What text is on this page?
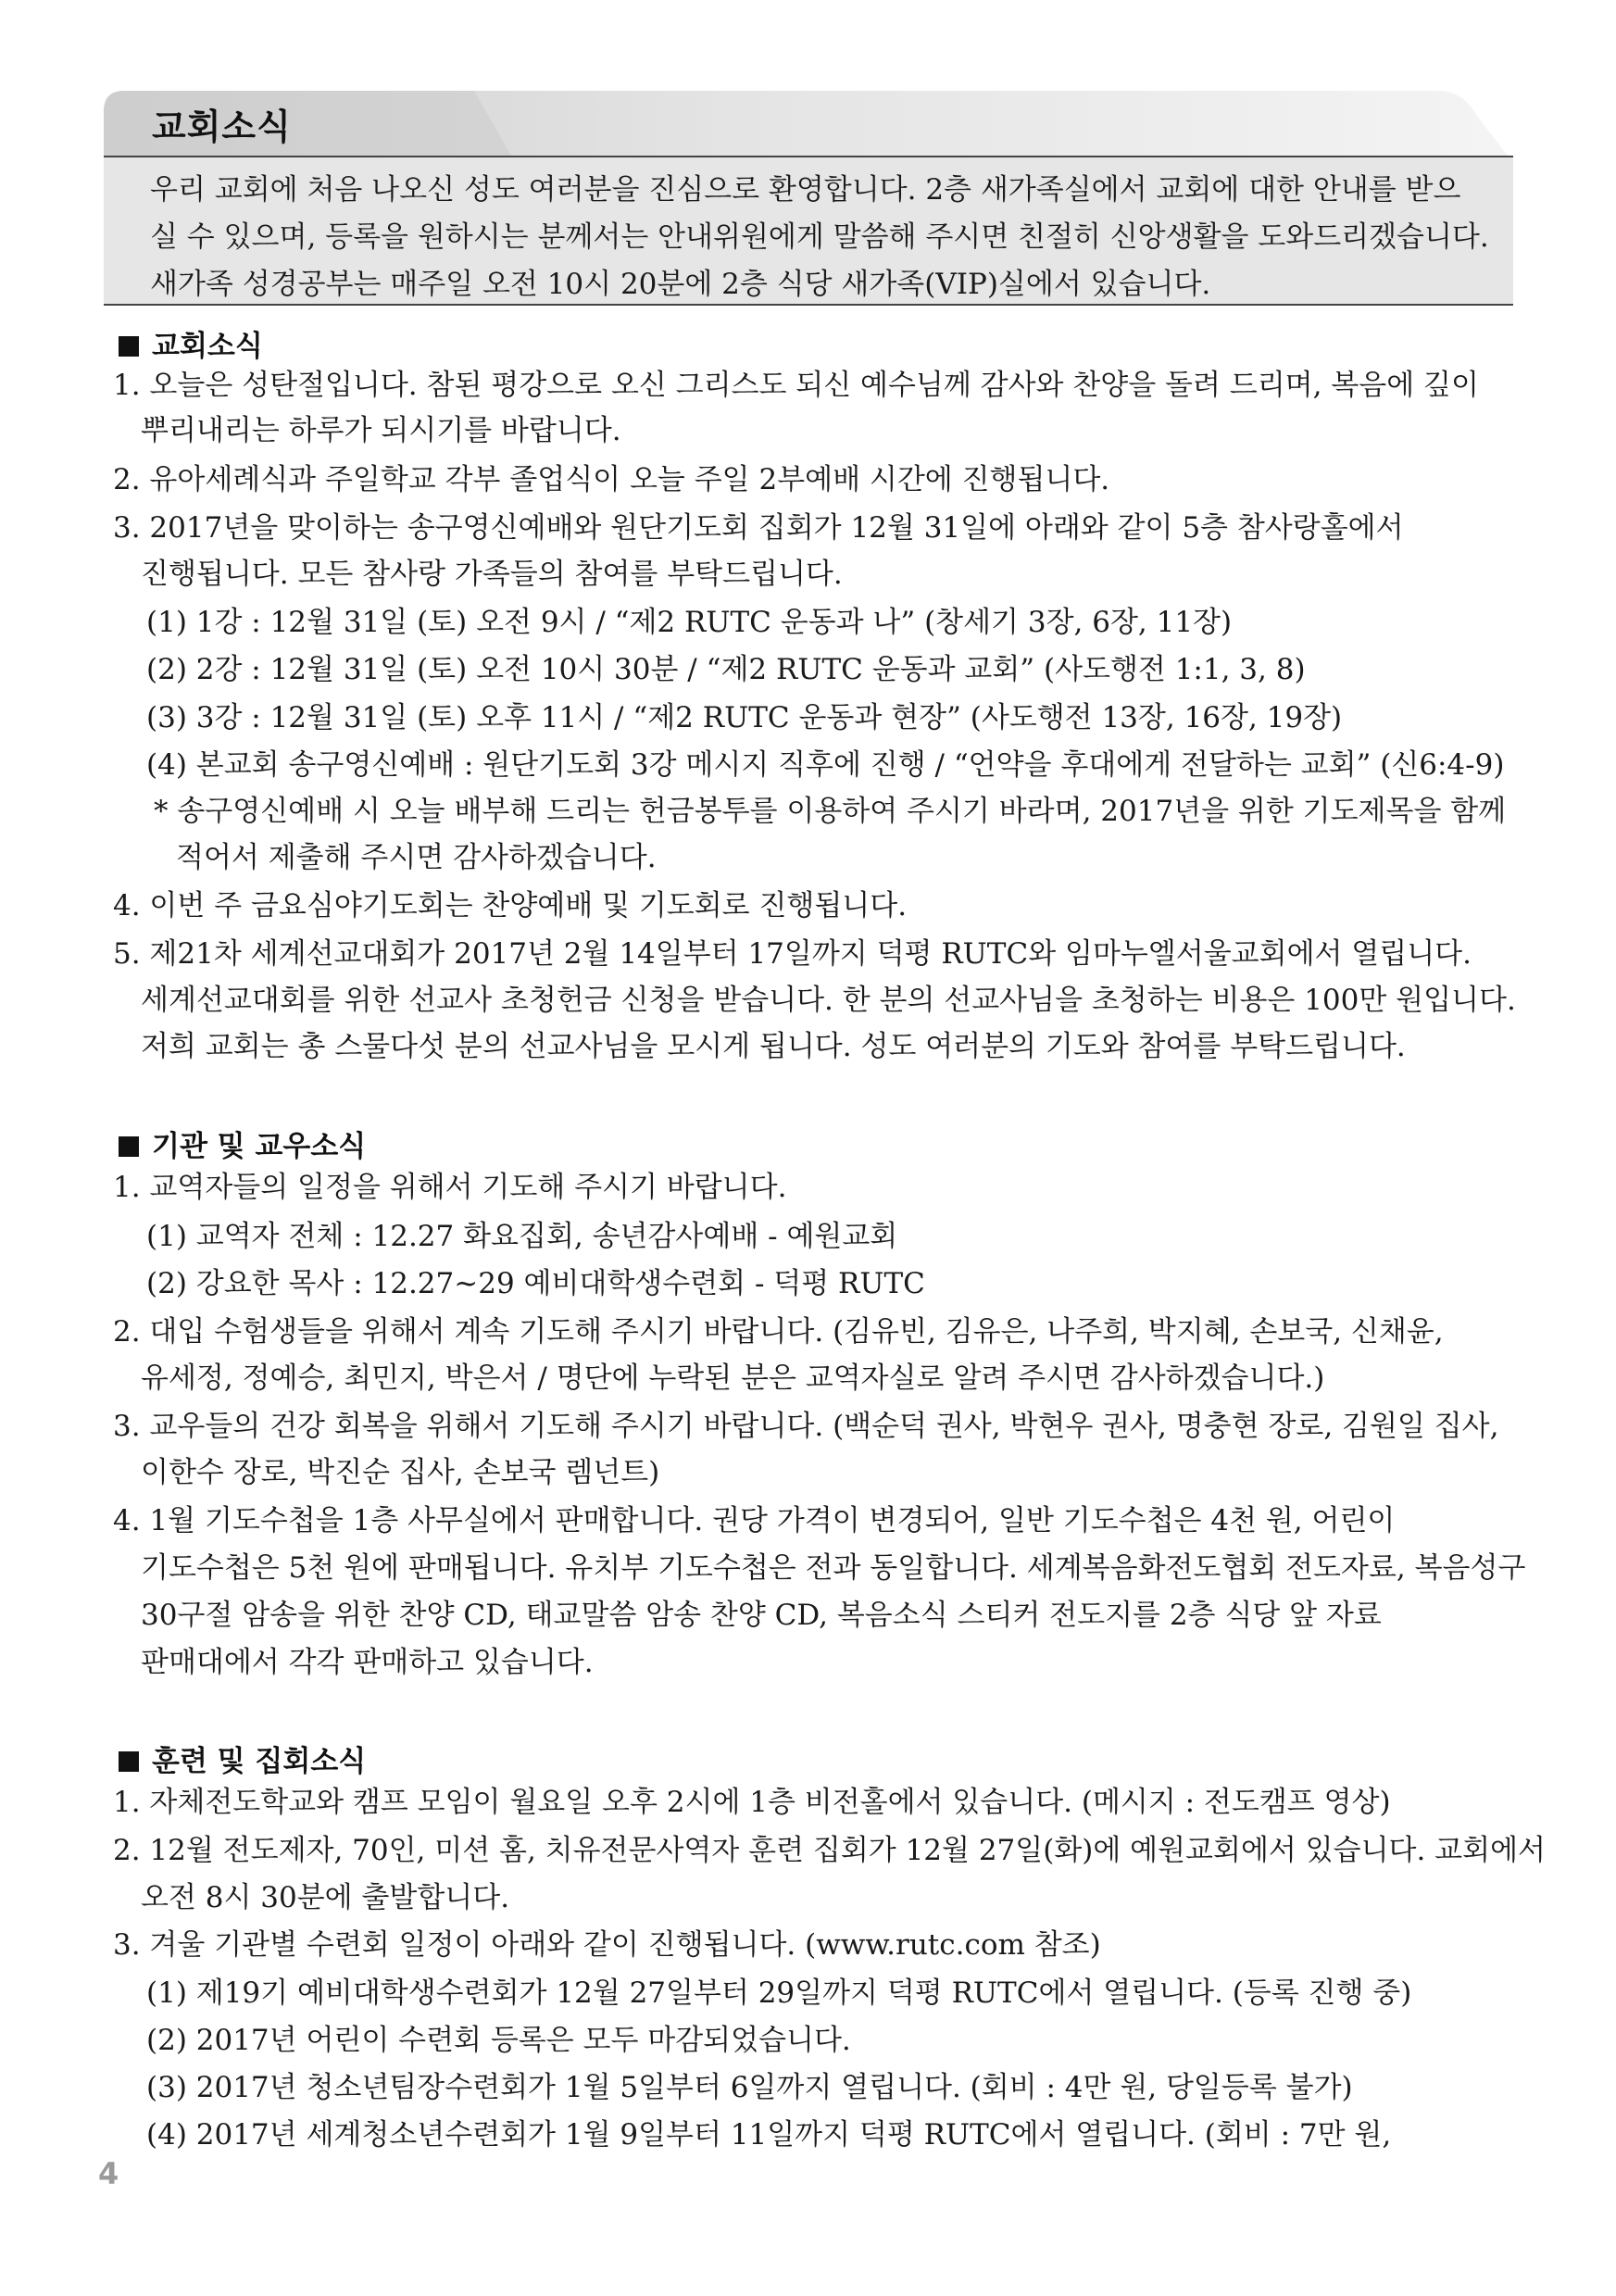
교회소식

우리 교회에 처음 나오신 성도 여러분을 진심으로 환영합니다. 2층 새가족실에서 교회에 대한 안내를 받으

실 수 있으며, 등록을 원하시는 분께서는 안내위원에게 말씀해 주시면 친절히 신앙생활을 도와드리겠습니다.

새가족 성경공부는 매주일 오전 10시 20분에 2층 식당 새가족(VIP)실에서 있습니다.

교회소식

1. 오늘은 성탄절입니다. 참된 평강으로 오신 그리스도 되신 예수님께 감사와 찬양을 돌려 드리며, 복음에 깊이

뿌리내리는 하루가 되시기를 바랍니다.

2. 유아세례식과 주일학교 각부 졸업식이 오늘 주일 2부예배 시간에 진행됩니다.

3. 2017년을 맞이하는 송구영신예배와 원단기도회 집회가 12월 31일에 아래와 같이 5층 참사랑홀에서

진행됩니다. 모든 참사랑 가족들의 참여를 부탁드립니다.

(1) 1강 : 12월 31일 (토) 오전 9시 / “제2 RUTC 운동과 나” (창세기 3장, 6장, 11장)

(2) 2강 : 12월 31일 (토) 오전 10시 30분 / “제2 RUTC 운동과 교회” (사도행전 1:1, 3, 8)

(3) 3강 : 12월 31일 (토) 오후 11시 / “제2 RUTC 운동과 현장” (사도행전 13장, 16장, 19장)

(4) 본교회 송구영신예배 : 원단기도회 3강 메시지 직후에 진행 / “언약을 후대에게 전달하는 교회” (신6:4-9)

* 송구영신예배 시 오늘 배부해 드리는 헌금봉투를 이용하여 주시기 바라며, 2017년을 위한 기도제목을 함께

적어서 제출해 주시면 감사하겠습니다.

4. 이번 주 금요심야기도회는 찬양예배 및 기도회로 진행됩니다.

5. 제21차 세계선교대회가 2017년 2월 14일부터 17일까지 덕평 RUTC와 임마누엘서울교회에서 열립니다.

세계선교대회를 위한 선교사 초청헌금 신청을 받습니다. 한 분의 선교사님을 초청하는 비용은 100만 원입니다.

저희 교회는 총 스물다섯 분의 선교사님을 모시게 됩니다. 성도 여러분의 기도와 참여를 부탁드립니다.

기관 및 교우소식

1. 교역자들의 일정을 위해서 기도해 주시기 바랍니다.

(1) 교역자 전체 : 12.27 화요집회, 송년감사예배 - 예원교회

(2) 강요한 목사 : 12.27~29 예비대학생수련회 - 덕평 RUTC

2. 대입 수험생들을 위해서 계속 기도해 주시기 바랍니다. (김유빈, 김유은, 나주희, 박지혜, 손보국, 신채윤,

유세정, 정예승, 최민지, 박은서 / 명단에 누락된 분은 교역자실로 알려 주시면 감사하겠습니다.)

3. 교우들의 건강 회복을 위해서 기도해 주시기 바랍니다. (백순덕 권사, 박현우 권사, 명충현 장로, 김원일 집사,

이한수 장로, 박진순 집사, 손보국 렘넌트)

4. 1월 기도수첩을 1층 사무실에서 판매합니다. 권당 가격이 변경되어, 일반 기도수첩은 4천 원, 어린이

기도수첩은 5천 원에 판매됩니다. 유치부 기도수첩은 전과 동일합니다. 세계복음화전도협회 전도자료, 복음성구

30구절 암송을 위한 찬양 CD, 태교말씀 암송 찬양 CD, 복음소식 스티커 전도지를 2층 식당 앞 자료

판매대에서 각각 판매하고 있습니다.

훈련 및 집회소식

1. 자체전도학교와 캠프 모임이 월요일 오후 2시에 1층 비전홀에서 있습니다. (메시지 : 전도캠프 영상)

2. 12월 전도제자, 70인, 미션 홈, 치유전문사역자 훈련 집회가 12월 27일(화)에 예원교회에서 있습니다. 교회에서

오전 8시 30분에 출발합니다.

3. 겨울 기관별 수련회 일정이 아래와 같이 진행됩니다. (www.rutc.com 참조)

(1) 제19기 예비대학생수련회가 12월 27일부터 29일까지 덕평 RUTC에서 열립니다. (등록 진행 중)

(2) 2017년 어린이 수련회 등록은 모두 마감되었습니다.

(3) 2017년 청소년팀장수련회가 1월 5일부터 6일까지 열립니다. (회비 : 4만 원, 당일등록 불가)

(4) 2017년 세계청소년수련회가 1월 9일부터 11일까지 덕평 RUTC에서 열립니다. (회비 : 7만 원,

4
